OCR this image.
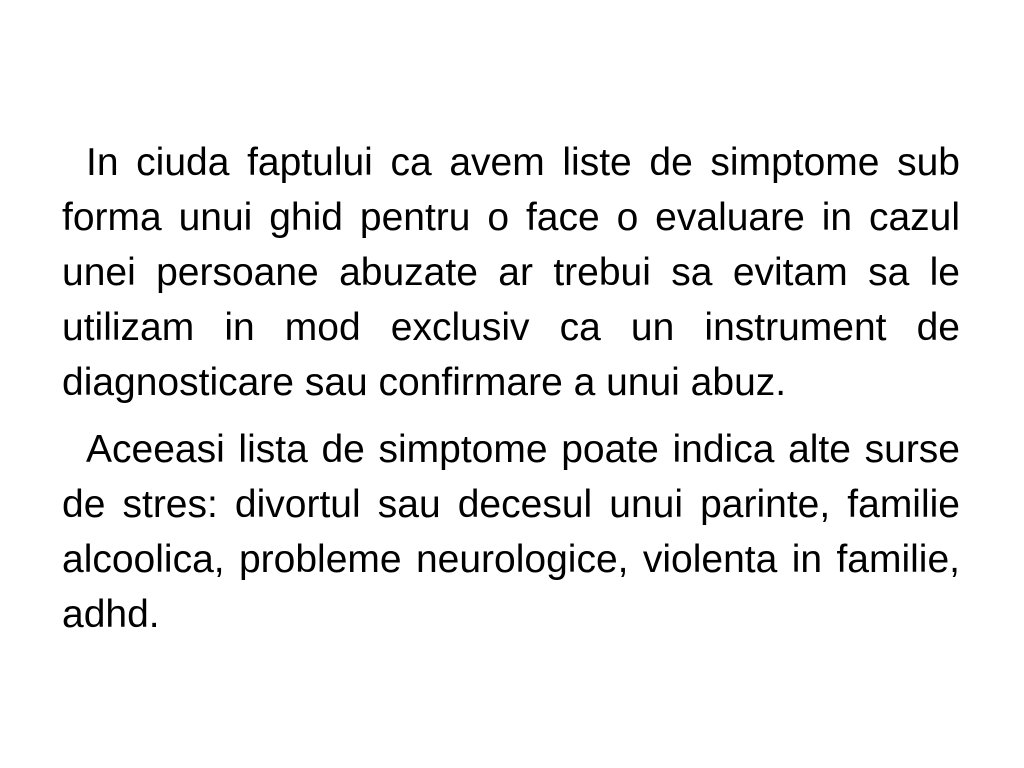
In ciuda faptului ca avem liste de simptome sub forma unui ghid pentru o face o evaluare in cazul unei persoane abuzate ar trebui sa evitam sa le utilizam in mod exclusiv ca un instrument de diagnosticare sau confirmare a unui abuz.

Aceeasi lista de simptome poate indica alte surse de stres: divortul sau decesul unui parinte, familie alcoolica, probleme neurologice, violenta in familie, adhd.
